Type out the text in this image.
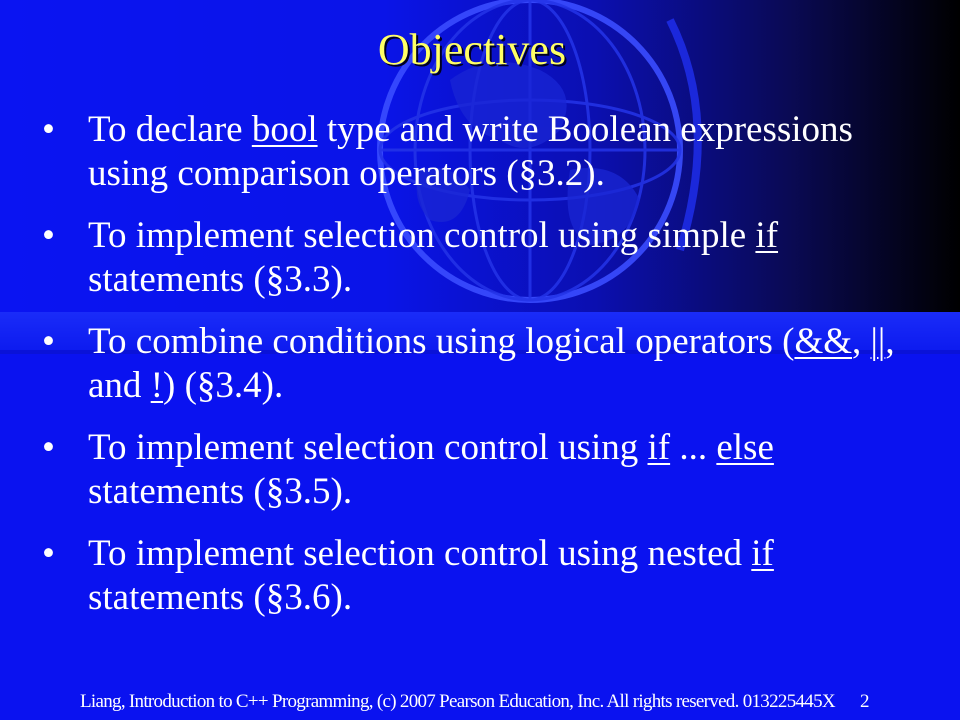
Objectives
• To declare bool type and write Boolean expressions using comparison operators (§3.2).
• To implement selection control using simple if statements (§3.3).
• To combine conditions using logical operators (&&, ||, and !) (§3.4).
• To implement selection control using if ... else statements (§3.5).
• To implement selection control using nested if statements (§3.6).
Liang, Introduction to C++ Programming, (c) 2007 Pearson Education, Inc. All rights reserved. 013225445X 2
